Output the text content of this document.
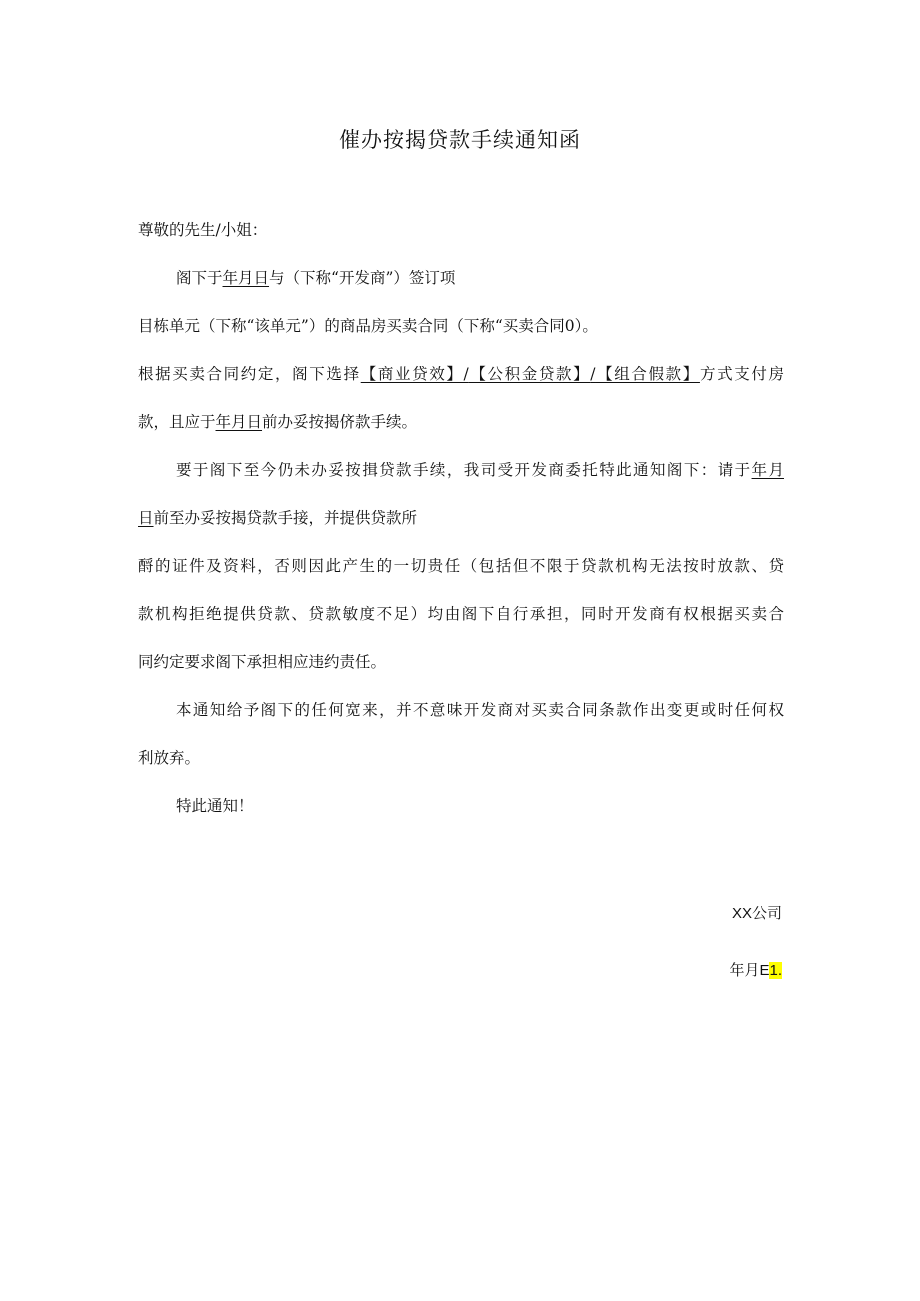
催办按揭贷款手续通知函
尊敬的先生/小姐：
阁下于年月日与（下称“开发商”）签订项
目栋单元（下称“该单元”）的商品房买卖合同（下称“买卖合同0）。
根据买卖合同约定，阁下选择【商业贷效】/【公积金贷款】/【组合假款】方式支付房
款，且应于年月日前办妥按揭侪款手续。
要于阁下至今仍未办妥按揖贷款手续，我司受开发商委托特此通知阁下：请于年月
日前至办妥按揭贷款手接，并提供贷款所
酹的证件及资料，否则因此产生的一切贵任（包括但不限于贷款机构无法按时放款、贷
款机构拒绝提供贷款、贷款敏度不足）均由阁下自行承担，同时开发商有权根据买卖合
同约定要求阁下承担相应违约责任。
本通知给予阁下的任何宽来，并不意味开发商对买卖合同条款作出变更或时任何权
利放弃。
特此通知！
XX公司
年月E1.
